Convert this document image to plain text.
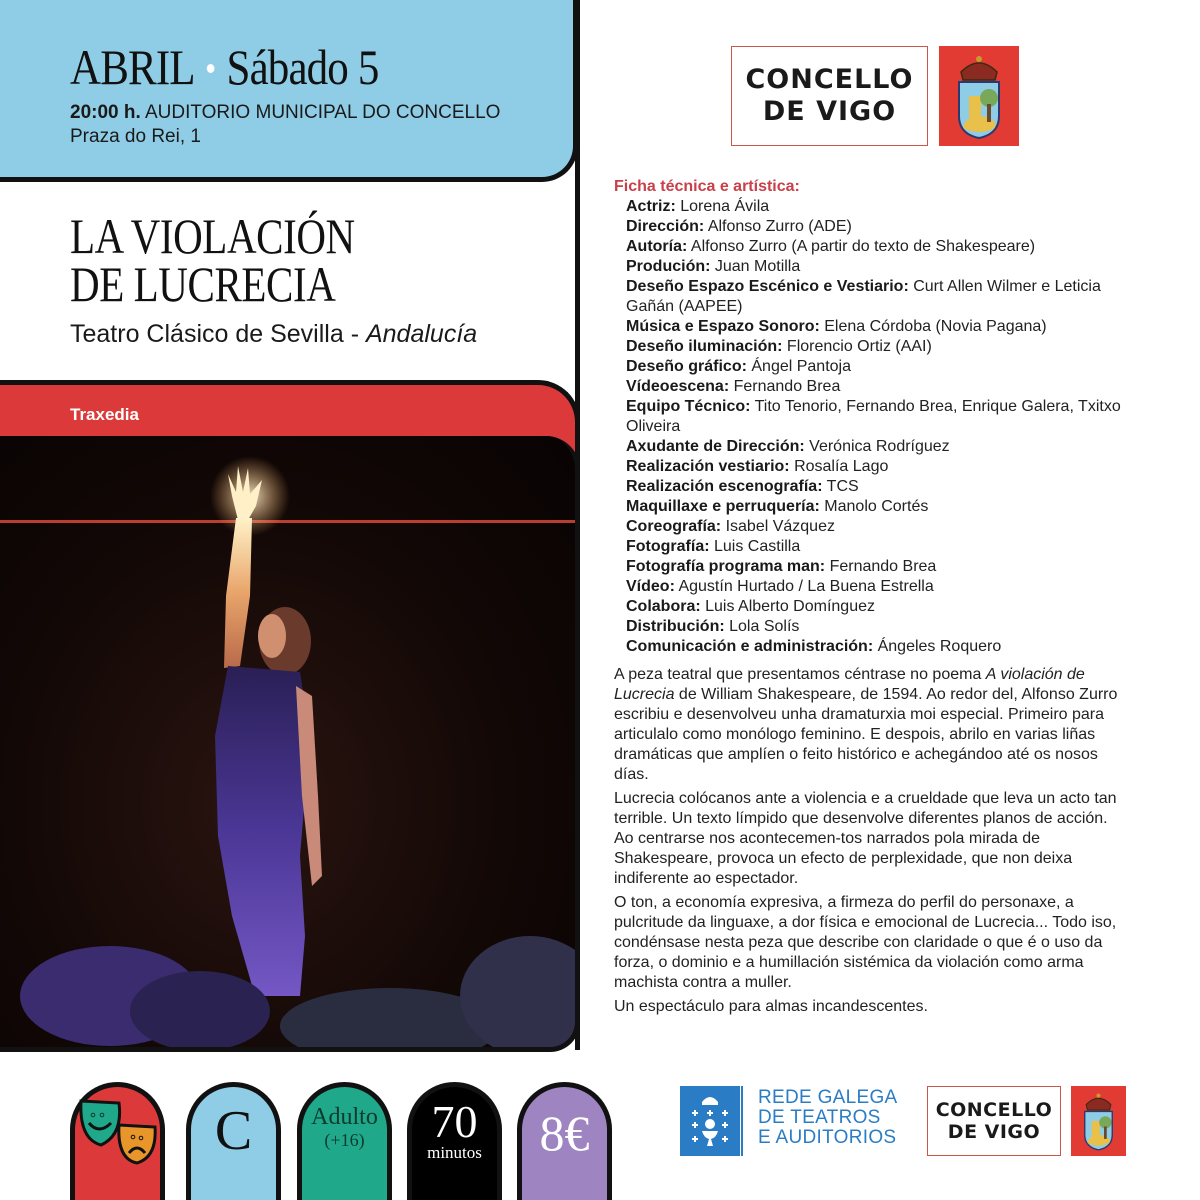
ABRIL Sábado 5
20:00 h. AUDITORIO MUNICIPAL DO CONCELLO
Praza do Rei, 1
LA VIOLACIÓN
DE LUCRECIA
Teatro Clásico de Sevilla - Andalucía
Traxedia
CONCELLO
DE VIGO
Ficha técnica e artística:
Actriz: Lorena Ávila
Dirección: Alfonso Zurro (ADE)
Autoría: Alfonso Zurro (A partir do texto de Shakespeare)
Produción: Juan Motilla
Deseño Espazo Escénico e Vestiario: Curt Allen Wilmer e Leticia Gañán (AAPEE)
Música e Espazo Sonoro: Elena Córdoba (Novia Pagana)
Deseño iluminación: Florencio Ortiz (AAI)
Deseño gráfico: Ángel Pantoja
Vídeoescena: Fernando Brea
Equipo Técnico: Tito Tenorio, Fernando Brea, Enrique Galera, Txitxo Oliveira
Axudante de Dirección: Verónica Rodríguez
Realización vestiario: Rosalía Lago
Realización escenografía: TCS
Maquillaxe e perruquería: Manolo Cortés
Coreografía: Isabel Vázquez
Fotografía: Luis Castilla
Fotografía programa man: Fernando Brea
Vídeo: Agustín Hurtado / La Buena Estrella
Colabora: Luis Alberto Domínguez
Distribución: Lola Solís
Comunicación e administración: Ángeles Roquero

A peza teatral que presentamos céntrase no poema A violación de Lucrecia de William Shakespeare, de 1594. Ao redor del, Alfonso Zurro escribiu e desenvolveu unha dramaturxia moi especial. Primeiro para articulalo como monólogo feminino. E despois, abrilo en varias liñas dramáticas que amplíen o feito histórico e achegándoo até os nosos días.

Lucrecia colócanos ante a violencia e a crueldade que leva un acto tan terrible. Un texto límpido que desenvolve diferentes planos de acción. Ao centrarse nos acontecemen-tos narrados pola mirada de Shakespeare, provoca un efecto de perplexidade, que non deixa indiferente ao espectador.

O ton, a economía expresiva, a firmeza do perfil do personaxe, a pulcritude da linguaxe, a dor física e emocional de Lucrecia... Todo iso, condénsase nesta peza que describe con claridade o que é o uso da forza, o dominio e a humillación sistémica da violación como arma machista contra a muller.

Un espectáculo para almas incandescentes.

C	Adulto
(+16)	70
minutos	8€
REDE GALEGA
DE TEATROS
E AUDITORIOS
CONCELLO
DE VIGO
